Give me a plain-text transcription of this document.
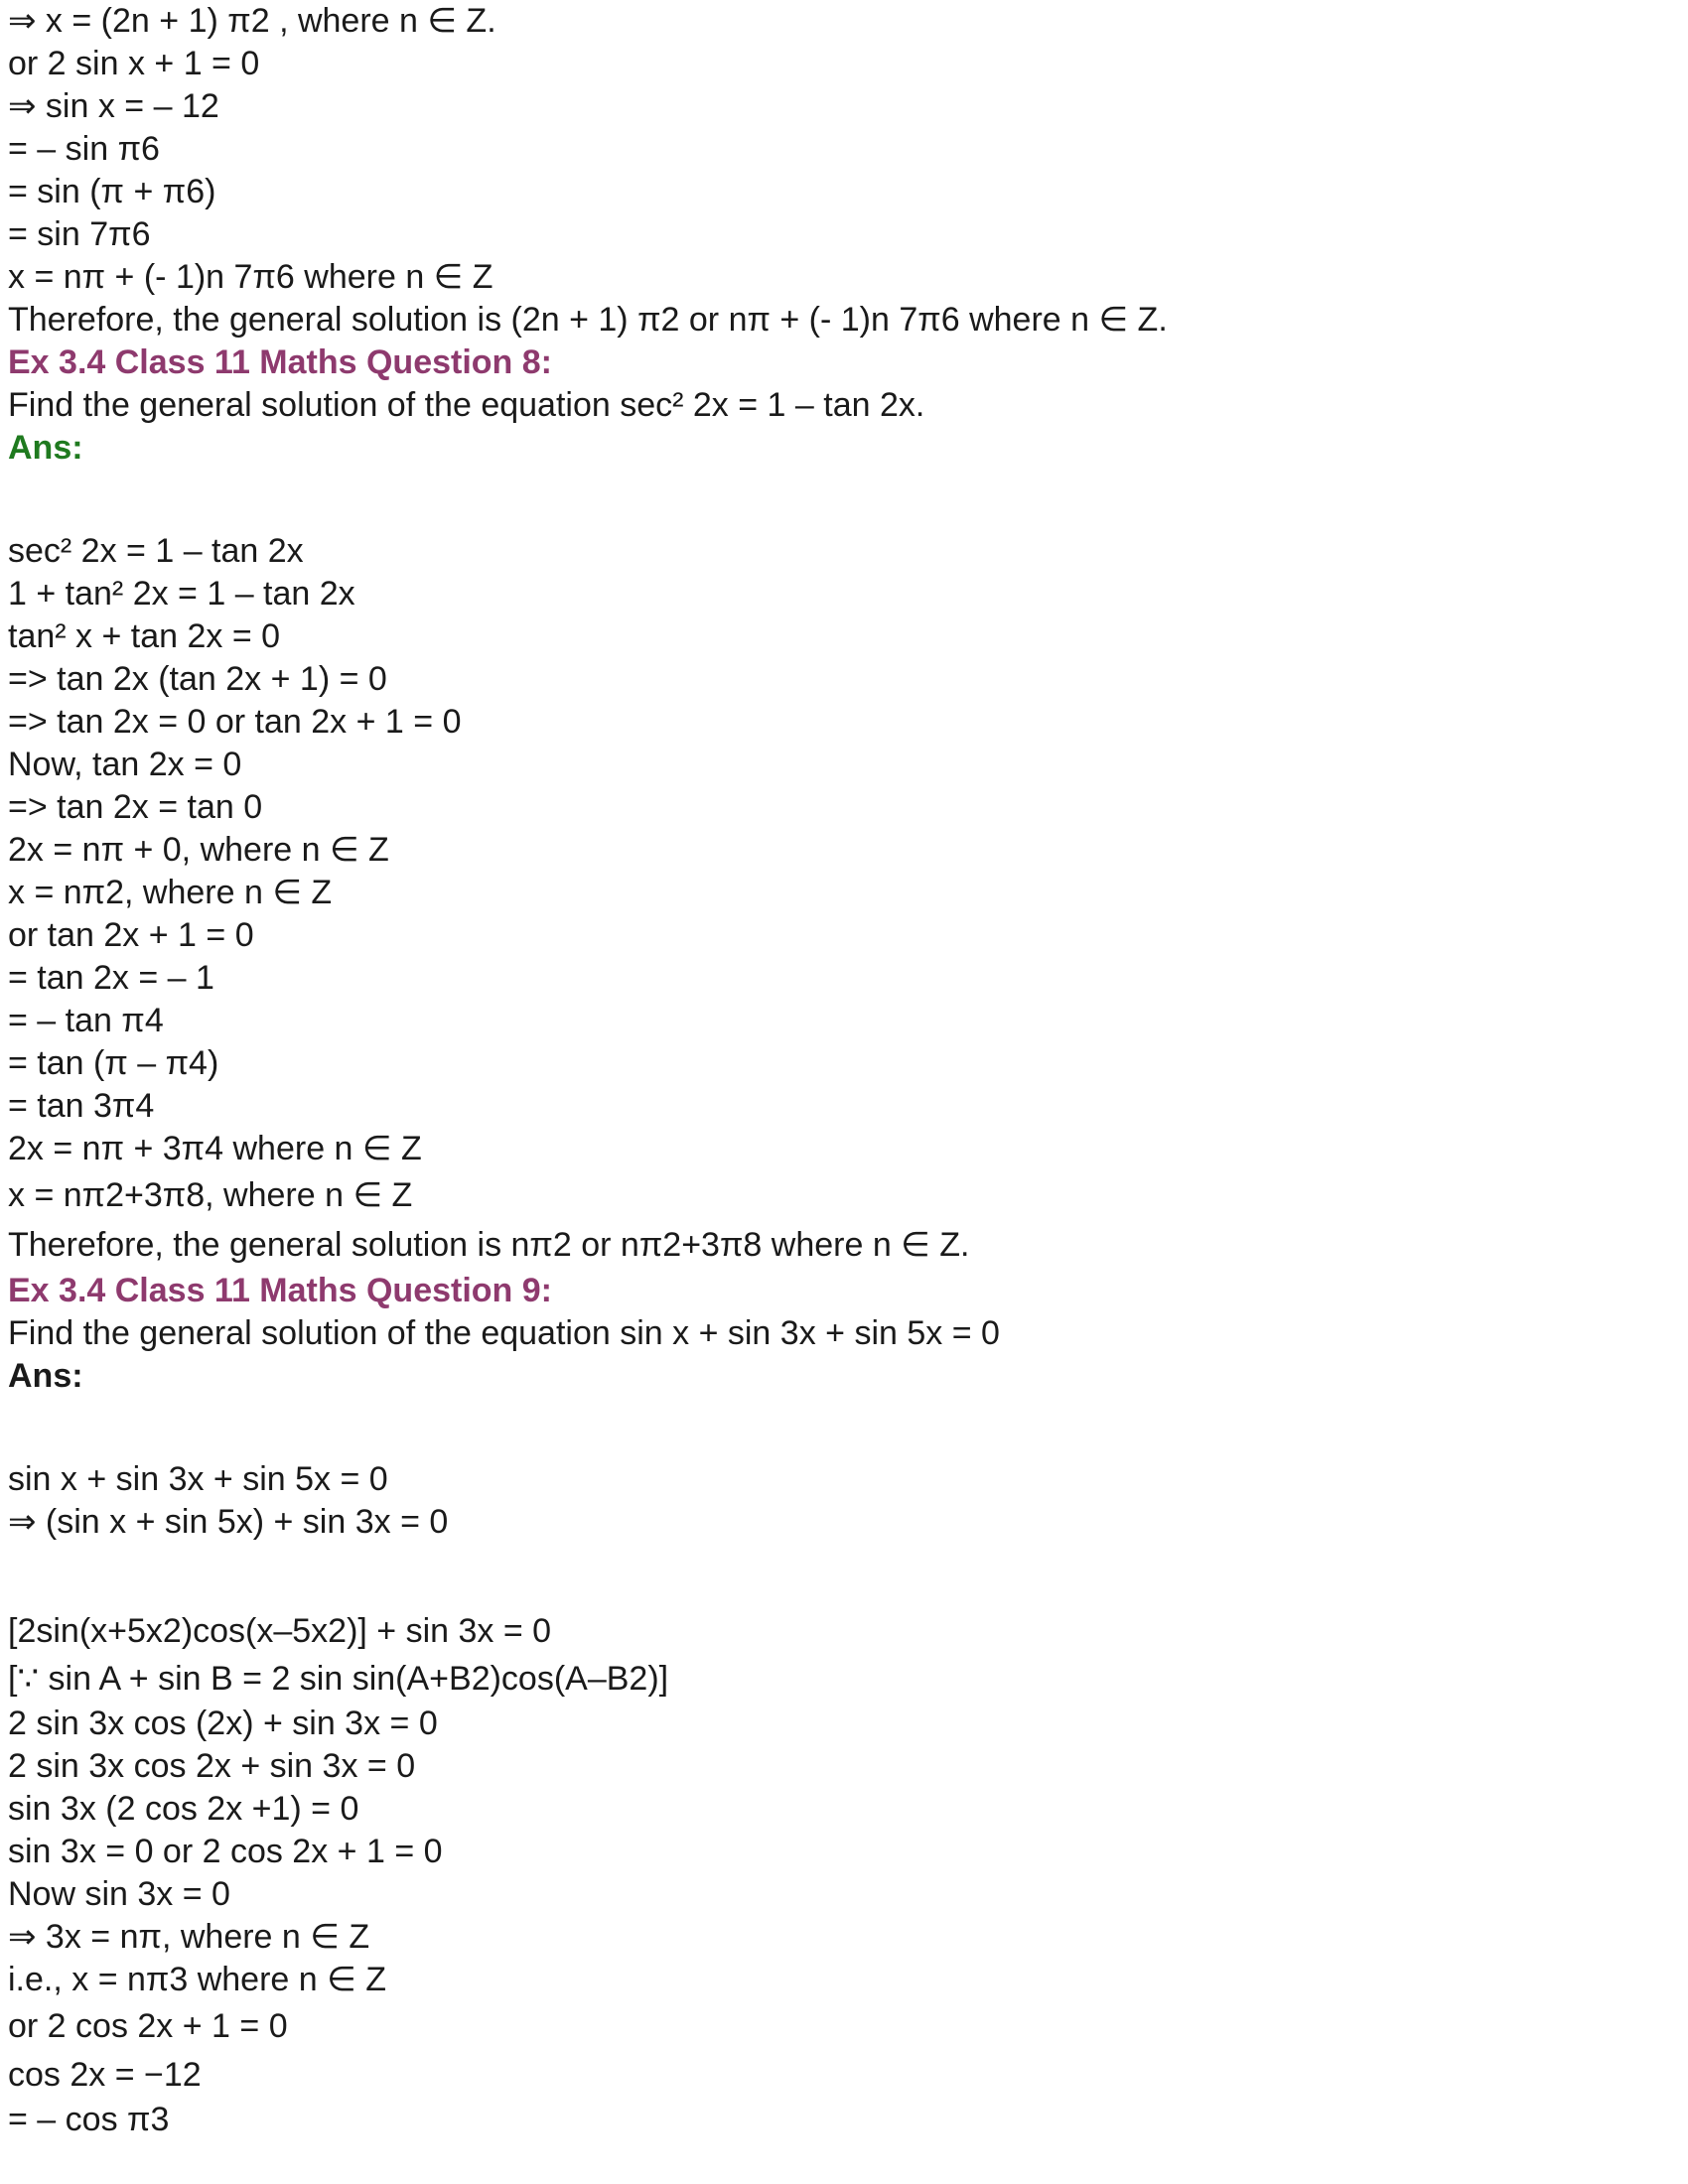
⇒ x = (2n + 1) π2 , where n ∈ Z.
or 2 sin x + 1 = 0
⇒ sin x = – 12
= – sin π6
= sin (π + π6)
= sin 7π6
x = nπ + (- 1)n 7π6 where n ∈ Z
Therefore, the general solution is (2n + 1) π2 or nπ + (- 1)n 7π6 where n ∈ Z.
Ex 3.4 Class 11 Maths Question 8:
Find the general solution of the equation sec² 2x = 1 – tan 2x.
Ans:
sec² 2x = 1 – tan 2x
1 + tan² 2x = 1 – tan 2x
tan² x + tan 2x = 0
=> tan 2x (tan 2x + 1) = 0
=> tan 2x = 0 or tan 2x + 1 = 0
Now, tan 2x = 0
=> tan 2x = tan 0
2x = nπ + 0, where n ∈ Z
x = nπ2, where n ∈ Z
or tan 2x + 1 = 0
= tan 2x = – 1
= – tan π4
= tan (π – π4)
= tan 3π4
2x = nπ + 3π4 where n ∈ Z
x = nπ2+3π8, where n ∈ Z
Therefore, the general solution is nπ2 or nπ2+3π8 where n ∈ Z.
Ex 3.4 Class 11 Maths Question 9:
Find the general solution of the equation sin x + sin 3x + sin 5x = 0
Ans:
sin x + sin 3x + sin 5x = 0
⇒ (sin x + sin 5x) + sin 3x = 0
[2sin(x+5x2)cos(x–5x2)] + sin 3x = 0
[∵ sin A + sin B = 2 sin sin(A+B2)cos(A–B2)]
2 sin 3x cos (2x) + sin 3x = 0
2 sin 3x cos 2x + sin 3x = 0
sin 3x (2 cos 2x +1) = 0
sin 3x = 0 or 2 cos 2x + 1 = 0
Now sin 3x = 0
⇒ 3x = nπ, where n ∈ Z
i.e., x = nπ3 where n ∈ Z
or 2 cos 2x + 1 = 0
cos 2x = −12
= – cos π3
